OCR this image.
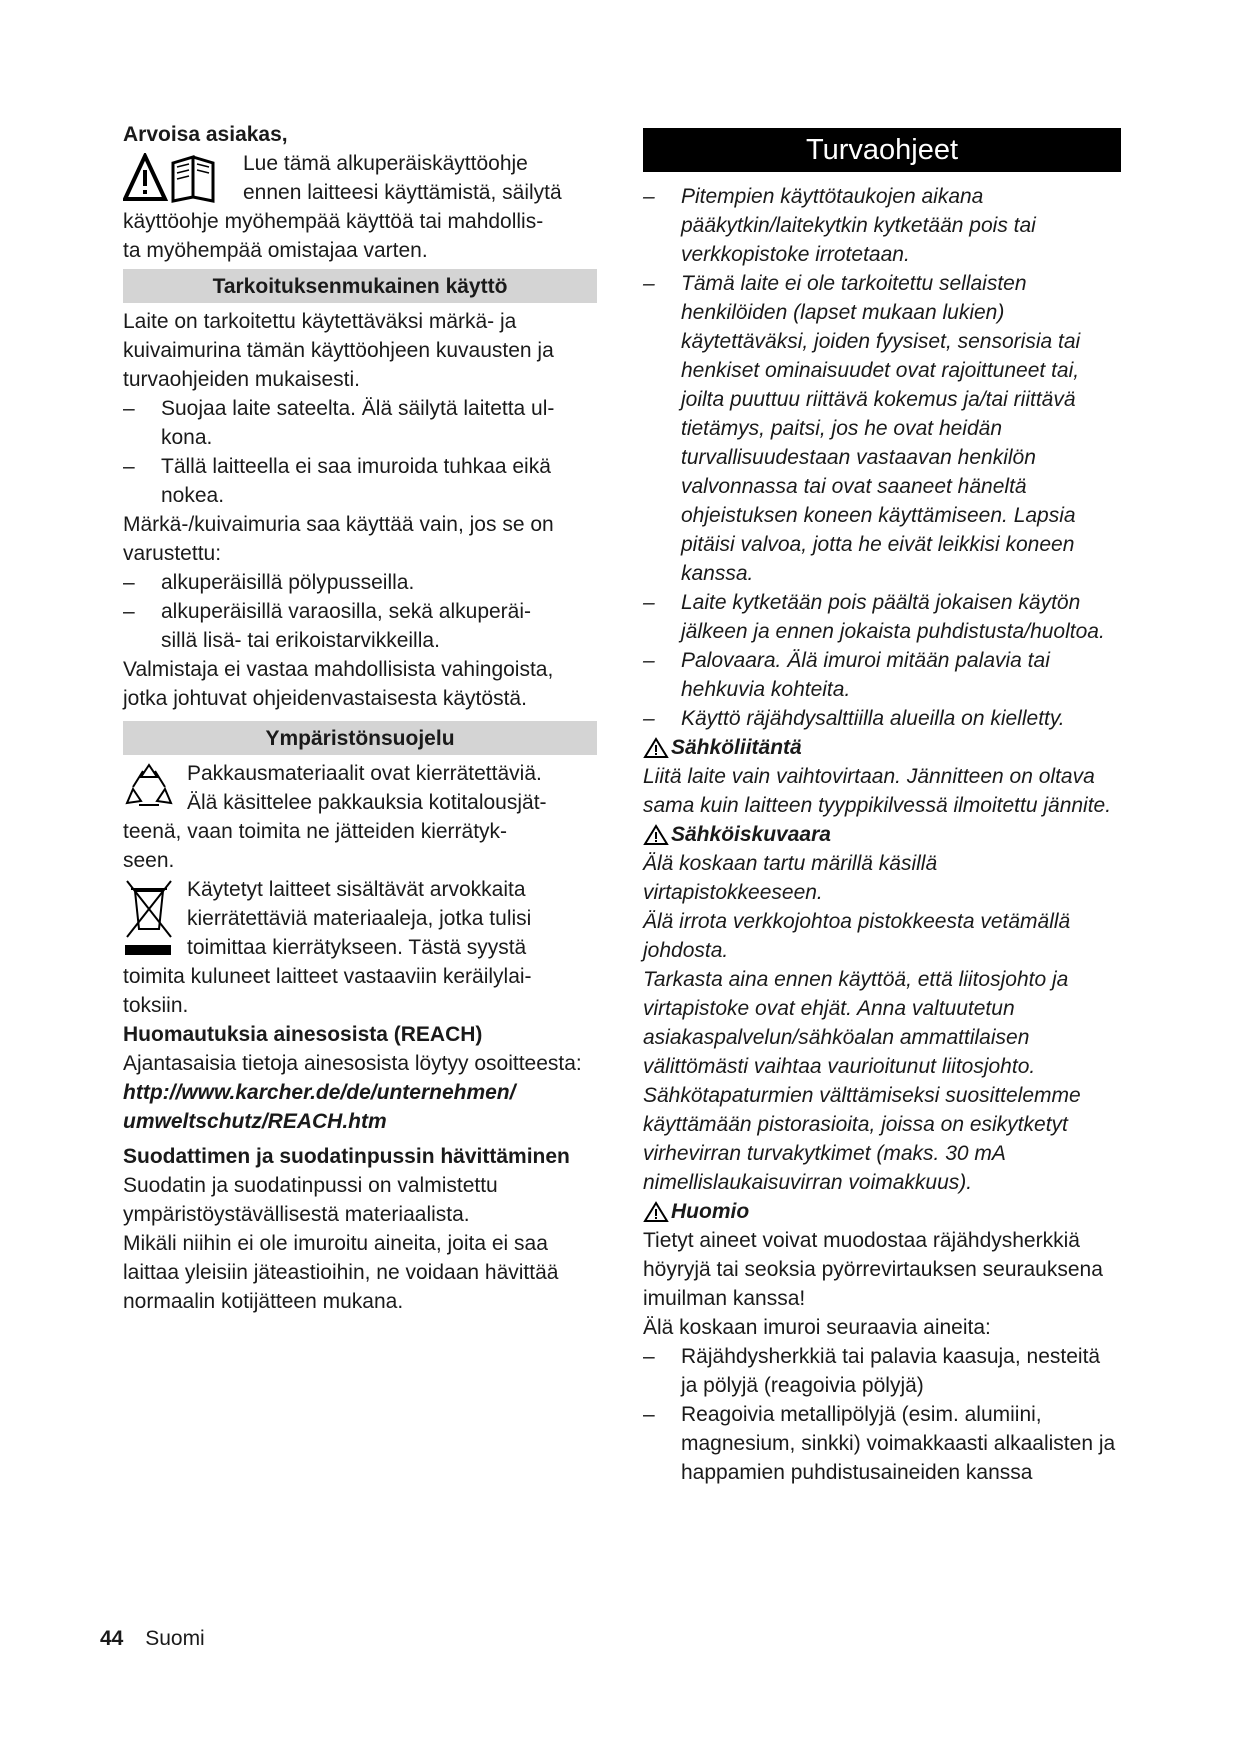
Arvoisa asiakas,

Lue tämä alkuperäiskäyttöohje

ennen laitteesi käyttämistä, säilytä

käyttöohje myöhempää käyttöä tai mahdollis-

ta myöhempää omistajaa varten.

Tarkoituksenmukainen käyttö

Laite on tarkoitettu käytettäväksi märkä- ja kuivaimurina tämän käyttöohjeen kuvausten ja turvaohjeiden mukaisesti.

– Suojaa laite sateelta. Älä säilytä laitetta ul-
kona.

– Tällä laitteella ei saa imuroida tuhkaa eikä
nokea.

Märkä-/kuivaimuria saa käyttää vain, jos se on varustettu:

– alkuperäisillä pölypusseilla.

– alkuperäisillä varaosilla, sekä alkuperäi-
sillä lisä- tai erikoistarvikkeilla.

Valmistaja ei vastaa mahdollisista vahingoista, jotka johtuvat ohjeidenvastaisesta käytöstä.

Ympäristönsuojelu

Pakkausmateriaalit ovat kierrätettäviä.

Älä käsittelee pakkauksia kotitalousjät-

teenä, vaan toimita ne jätteiden kierrätyk-

seen.

Käytetyt laitteet sisältävät arvokkaita

kierrätettäviä materiaaleja, jotka tulisi

toimittaa kierrätykseen. Tästä syystä

toimita kuluneet laitteet vastaaviin keräilylai-

toksiin.

Huomautuksia ainesosista (REACH)

Ajantasaisia tietoja ainesosista löytyy osoitteesta:

http://www.karcher.de/de/unternehmen/
umweltschutz/REACH.htm

Suodattimen ja suodatinpussin hävittäminen

Suodatin ja suodatinpussi on valmistettu ympäristöystävällisestä materiaalista.

Mikäli niihin ei ole imuroitu aineita, joita ei saa laittaa yleisiin jäteastioihin, ne voidaan hävittää normaalin kotijätteen mukana.

Turvaohjeet

– Pitempien käyttötaukojen aikana pääkytkin/laitekytkin kytketään pois tai verkkopistoke irrotetaan.

– Tämä laite ei ole tarkoitettu sellaisten henkilöiden (lapset mukaan lukien) käytettäväksi, joiden fyysiset, sensorisia tai henkiset ominaisuudet ovat rajoittuneet tai, joilta puuttuu riittävä kokemus ja/tai riittävä tietämys, paitsi, jos he ovat heidän turvallisuudestaan vastaavan henkilön valvonnassa tai ovat saaneet häneltä ohjeistuksen koneen käyttämiseen. Lapsia pitäisi valvoa, jotta he eivät leikkisi koneen kanssa.

– Laite kytketään pois päältä jokaisen käytön jälkeen ja ennen jokaista puhdistusta/huoltoa.

– Palovaara. Älä imuroi mitään palavia tai hehkuvia kohteita.

– Käyttö räjähdysalttiilla alueilla on kielletty.

Sähköliitäntä

Liitä laite vain vaihtovirtaan. Jännitteen on oltava sama kuin laitteen tyyppikilvessä ilmoitettu jännite.

Sähköiskuvaara

Älä koskaan tartu märillä käsillä virtapistokkeeseen.

Älä irrota verkkojohtoa pistokkeesta vetämällä johdosta.

Tarkasta aina ennen käyttöä, että liitosjohto ja virtapistoke ovat ehjät. Anna valtuutetun asiakaspalvelun/sähköalan ammattilaisen välittömästi vaihtaa vaurioitunut liitosjohto.

Sähkötapaturmien välttämiseksi suosittelemme käyttämään pistorasioita, joissa on esikytketyt virhevirran turvakytkimet (maks. 30 mA nimellislaukaisuvirran voimakkuus).

Huomio

Tietyt aineet voivat muodostaa räjähdysherkkiä höyryjä tai seoksia pyörrevirtauksen seurauksena imuilman kanssa!

Älä koskaan imuroi seuraavia aineita:

– Räjähdysherkkiä tai palavia kaasuja, nesteitä ja pölyjä (reagoivia pölyjä)

– Reagoivia metallipölyjä (esim. alumiini, magnesium, sinkki) voimakkaasti alkaalisten ja happamien puhdistusaineiden kanssa

44 Suomi
